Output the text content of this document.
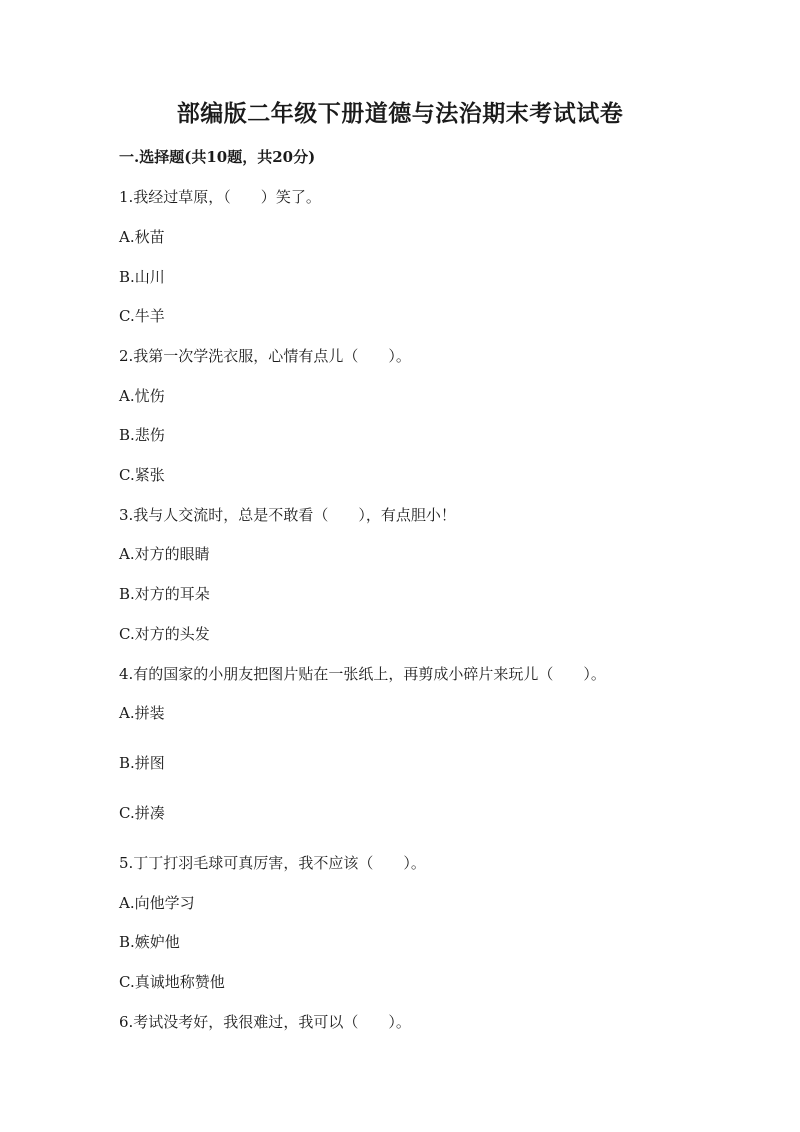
部编版二年级下册道德与法治期末考试试卷
一.选择题(共10题，共20分)
1.我经过草原，（　　）笑了。
A.秋苗
B.山川
C.牛羊
2.我第一次学洗衣服，心情有点儿（　　）。
A.忧伤
B.悲伤
C.紧张
3.我与人交流时，总是不敢看（　　），有点胆小！
A.对方的眼睛
B.对方的耳朵
C.对方的头发
4.有的国家的小朋友把图片贴在一张纸上，再剪成小碎片来玩儿（　　）。
A.拼装
B.拼图
C.拼凑
5.丁丁打羽毛球可真厉害，我不应该（　　）。
A.向他学习
B.嫉妒他
C.真诚地称赞他
6.考试没考好，我很难过，我可以（　　）。
